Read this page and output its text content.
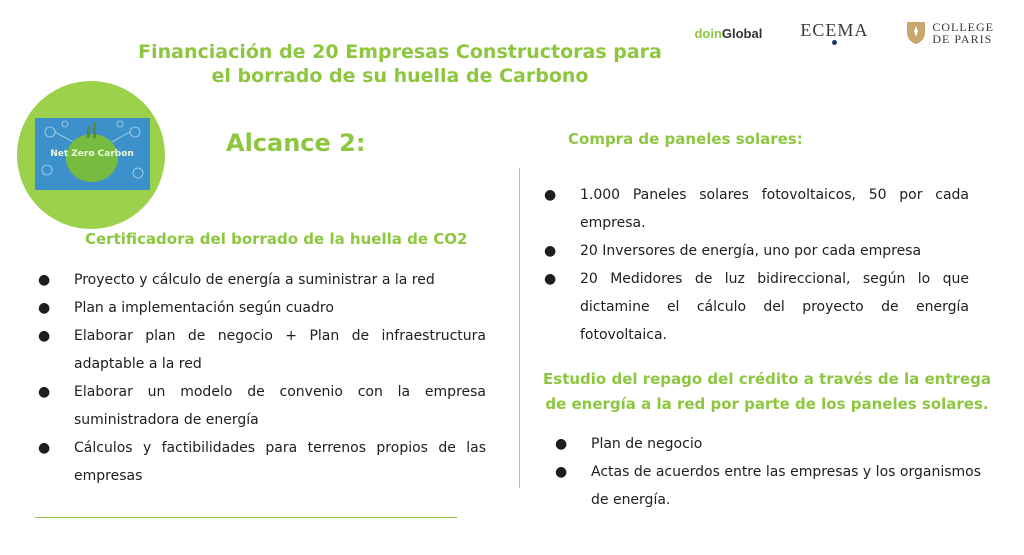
Financiación de 20 Empresas Constructoras para
el borrado de su huella de Carbono
doinGlobal ECEMA	COLLEGE
DE PARIS
Net Zero Carbon	Alcance 2:
Certificadora del borrado de la huella de CO2
● Proyecto y cálculo de energía a suministrar a la red
● Plan a implementación según cuadro
● Elaborar plan de negocio + Plan de infraestructura adaptable a la red
● Elaborar un modelo de convenio con la empresa suministradora de energía
● Cálculos y factibilidades para terrenos propios de las empresas
Compra de paneles solares:
● 1.000 Paneles solares fotovoltaicos, 50 por cada empresa.
● 20 Inversores de energía, uno por cada empresa
● 20 Medidores de luz bidireccional, según lo que dictamine el cálculo del proyecto de energía fotovoltaica.
Estudio del repago del crédito a través de la entrega de energía a la red por parte de los paneles solares.
● Plan de negocio
● Actas de acuerdos entre las empresas y los organismos de energía.
